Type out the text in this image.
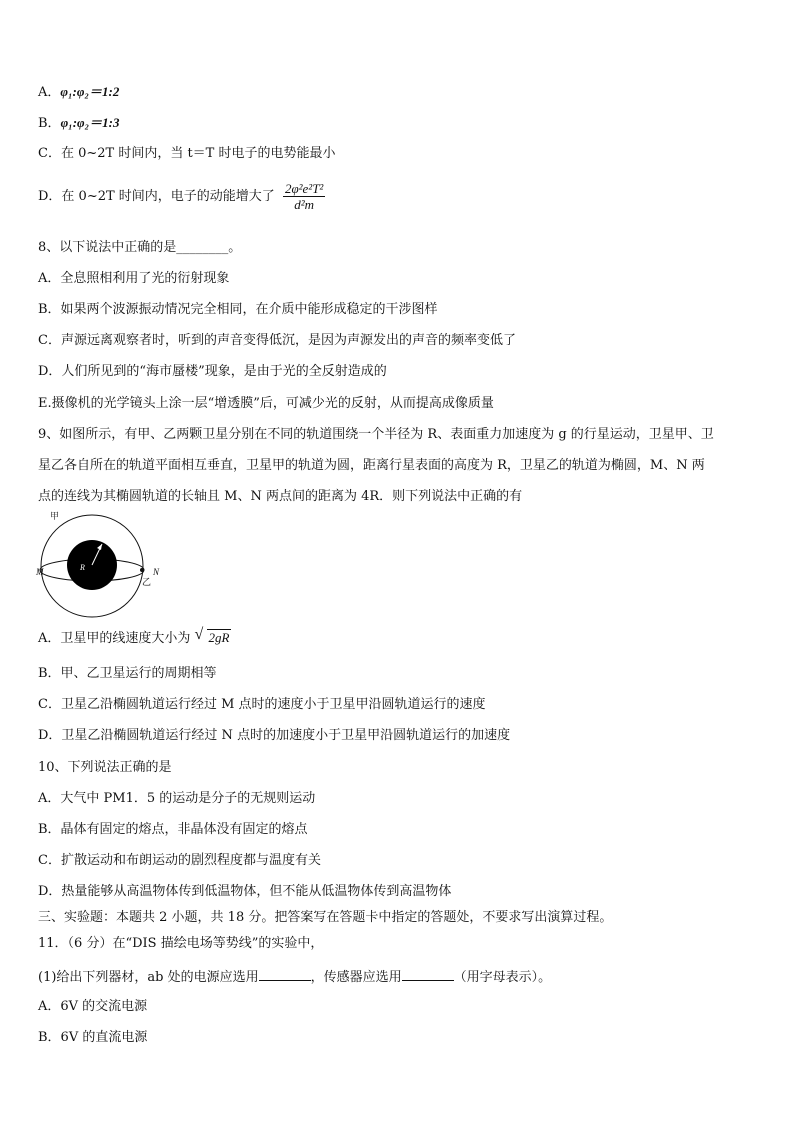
A．φ₁:φ₂＝1:2
B．φ₁:φ₂＝1:3
C．在 0~2T 时间内，当 t＝T 时电子的电势能最小
D．在 0~2T 时间内，电子的动能增大了 $\frac{\text{2φ²e²T²}}{\text{d²m}}$
8、以下说法中正确的是________。
A．全息照相利用了光的衍射现象
B．如果两个波源振动情况完全相同，在介质中能形成稳定的干涉图样
C．声源远离观察者时，听到的声音变得低沉，是因为声源发出的声音的频率变低了
D．人们所见到的“海市蜃楼”现象，是由于光的全反射造成的
E.摄像机的光学镜头上涂一层“增透膜”后，可减少光的反射，从而提高成像质量
9、如图所示，有甲、乙两颗卫星分别在不同的轨道围绕一个半径为 R、表面重力加速度为 g 的行星运动，卫星甲、卫
星乙各自所在的轨道平面相互垂直，卫星甲的轨道为圆，距离行星表面的高度为 R，卫星乙的轨道为椭圆，M、N 两
点的连线为其椭圆轨道的长轴且 M、N 两点间的距离为 4R．则下列说法中正确的有
R
甲
M	N
乙
A．卫星甲的线速度大小为 √ 2gR
B．甲、乙卫星运行的周期相等
C．卫星乙沿椭圆轨道运行经过 M 点时的速度小于卫星甲沿圆轨道运行的速度
D．卫星乙沿椭圆轨道运行经过 N 点时的加速度小于卫星甲沿圆轨道运行的加速度
10、下列说法正确的是
A．大气中 PM1．5 的运动是分子的无规则运动
B．晶体有固定的熔点，非晶体没有固定的熔点
C．扩散运动和布朗运动的剧烈程度都与温度有关
D．热量能够从高温物体传到低温物体，但不能从低温物体传到高温物体
三、实验题：本题共 2 小题，共 18 分。把答案写在答题卡中指定的答题处，不要求写出演算过程。
11．（6 分）在“DIS 描绘电场等势线”的实验中，
(1)给出下列器材，ab 处的电源应选用	，传感器应选用	（用字母表示）。
A．6V 的交流电源
B．6V 的直流电源
